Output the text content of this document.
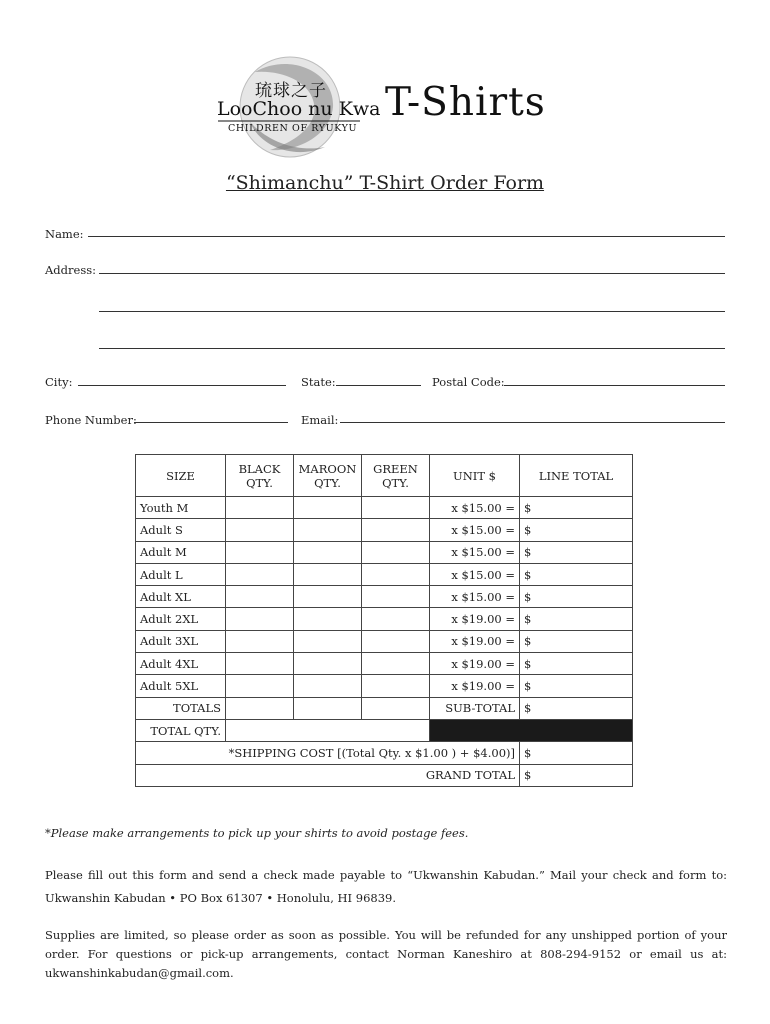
琉球之子
LooChoo nu Kwa
CHILDREN OF RYUKYU
T-Shirts
“Shimanchu” T-Shirt Order Form
Name:
Address:
City:	State:	Postal Code:
Phone Number:	Email:
SIZE	BLACK QTY.	MAROON QTY.	GREEN QTY.	UNIT $	LINE TOTAL
Youth M				x $15.00 =	$
Adult S				x $15.00 =	$
Adult M				x $15.00 =	$
Adult L				x $15.00 =	$
Adult XL				x $15.00 =	$
Adult 2XL				x $19.00 =	$
Adult 3XL				x $19.00 =	$
Adult 4XL				x $19.00 =	$
Adult 5XL				x $19.00 =	$
TOTALS				SUB-TOTAL	$
TOTAL QTY.					
*SHIPPING COST [(Total Qty. x $1.00 ) + $4.00)]					$
GRAND TOTAL					$
*Please make arrangements to pick up your shirts to avoid postage fees.
Please fill out this form and send a check made payable to “Ukwanshin Kabudan.” Mail your check and form to: Ukwanshin Kabudan • PO Box 61307 • Honolulu, HI 96839.
Supplies are limited, so please order as soon as possible. You will be refunded for any unshipped portion of your order. For questions or pick-up arrangements, contact Norman Kaneshiro at 808-294-9152 or email us at: ukwanshinkabudan@gmail.com.
